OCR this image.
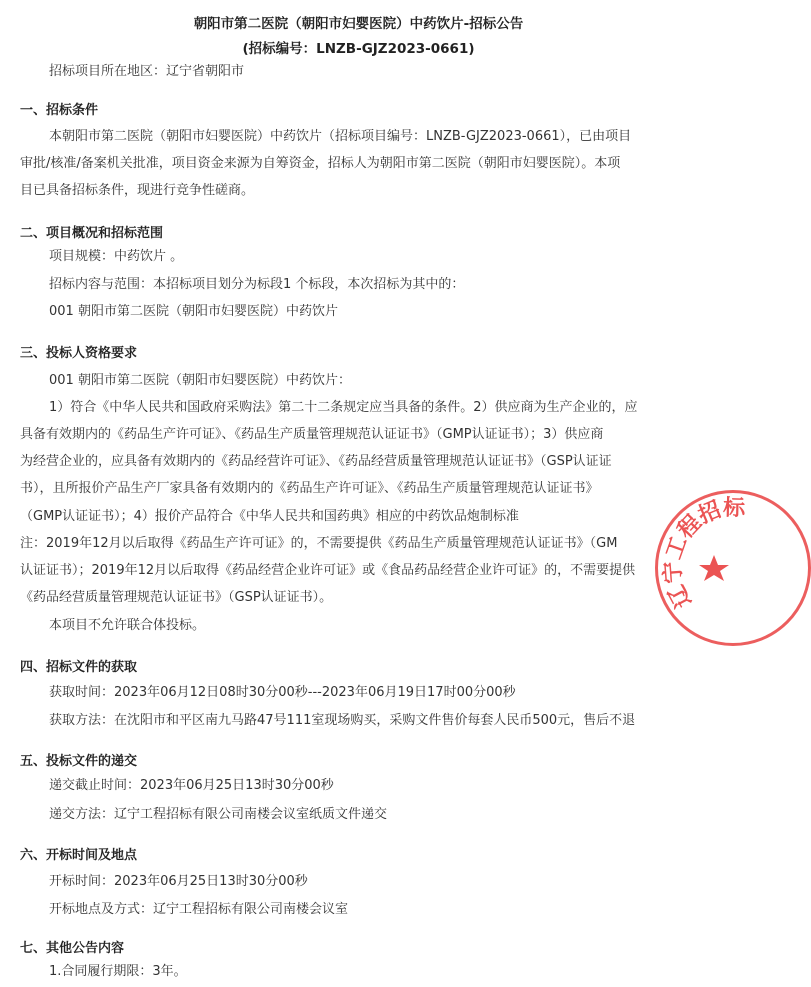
朝阳市第二医院（朝阳市妇婴医院）中药饮片-招标公告
(招标编号：LNZB-GJZ2023-0661)
招标项目所在地区：辽宁省朝阳市
一、招标条件
本朝阳市第二医院（朝阳市妇婴医院）中药饮片（招标项目编号：LNZB-GJZ2023-0661），已由项目
审批/核准/备案机关批准，项目资金来源为自筹资金，招标人为朝阳市第二医院（朝阳市妇婴医院）。本项
目已具备招标条件，现进行竞争性磋商。
二、项目概况和招标范围
项目规模：中药饮片 。
招标内容与范围：本招标项目划分为标段1 个标段，本次招标为其中的：
001 朝阳市第二医院（朝阳市妇婴医院）中药饮片
三、投标人资格要求
001 朝阳市第二医院（朝阳市妇婴医院）中药饮片：
1）符合《中华人民共和国政府采购法》第二十二条规定应当具备的条件。2）供应商为生产企业的，应
具备有效期内的《药品生产许可证》、《药品生产质量管理规范认证证书》（GMP认证证书）；3）供应商
为经营企业的，应具备有效期内的《药品经营许可证》、《药品经营质量管理规范认证证书》（GSP认证证
书），且所报价产品生产厂家具备有效期内的《药品生产许可证》、《药品生产质量管理规范认证证书》
（GMP认证证书）；4）报价产品符合《中华人民共和国药典》相应的中药饮品炮制标准
注：2019年12月以后取得《药品生产许可证》的，不需要提供《药品生产质量管理规范认证证书》（GM
认证证书）；2019年12月以后取得《药品经营企业许可证》或《食品药品经营企业许可证》的，不需要提供
《药品经营质量管理规范认证证书》（GSP认证证书）。
本项目不允许联合体投标。
四、招标文件的获取
获取时间：2023年06月12日08时30分00秒---2023年06月19日17时00分00秒
获取方法：在沈阳市和平区南九马路47号111室现场购买，采购文件售价每套人民币500元，售后不退
五、投标文件的递交
递交截止时间：2023年06月25日13时30分00秒
递交方法：辽宁工程招标有限公司南楼会议室纸质文件递交
六、开标时间及地点
开标时间：2023年06月25日13时30分00秒
开标地点及方式：辽宁工程招标有限公司南楼会议室
七、其他公告内容
1.合同履行期限：3年。
辽宁工程招标
